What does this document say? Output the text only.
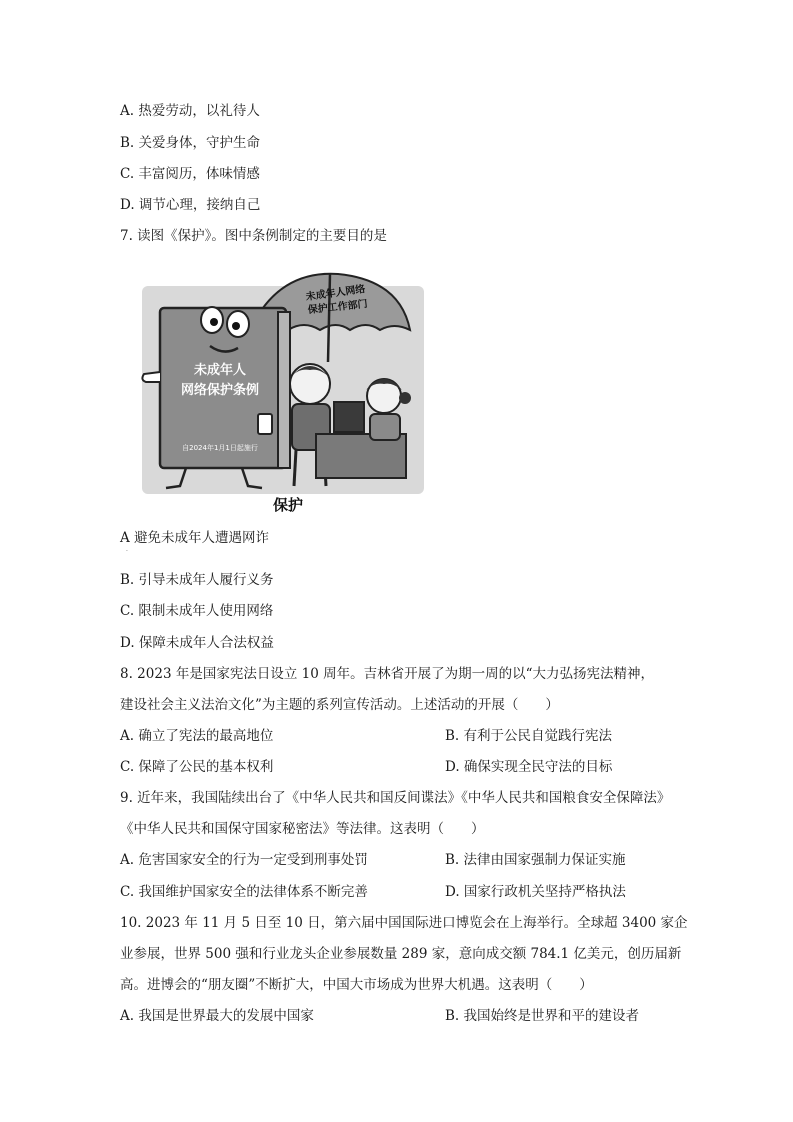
A. 热爱劳动，以礼待人
B. 关爱身体，守护生命
C. 丰富阅历，体味情感
D. 调节心理，接纳自己
7. 读图《保护》。图中条例制定的主要目的是
未成年人网络
保护工作部门
未成年人
网络保护条例
自2024年1月1日起施行
保护
A 避免未成年人遭遇网诈
·
B. 引导未成年人履行义务
C. 限制未成年人使用网络
D. 保障未成年人合法权益
8. 2023 年是国家宪法日设立 10 周年。吉林省开展了为期一周的以“大力弘扬宪法精神，
建设社会主义法治文化”为主题的系列宣传活动。上述活动的开展（　　）
A. 确立了宪法的最高地位	B. 有利于公民自觉践行宪法
C. 保障了公民的基本权利	D. 确保实现全民守法的目标
9. 近年来，我国陆续出台了《中华人民共和国反间谍法》《中华人民共和国粮食安全保障法》
《中华人民共和国保守国家秘密法》等法律。这表明（　　）
A. 危害国家安全的行为一定受到刑事处罚	B. 法律由国家强制力保证实施
C. 我国维护国家安全的法律体系不断完善	D. 国家行政机关坚持严格执法
10. 2023 年 11 月 5 日至 10 日，第六届中国国际进口博览会在上海举行。全球超 3400 家企
业参展，世界 500 强和行业龙头企业参展数量 289 家，意向成交额 784.1 亿美元，创历届新
高。进博会的“朋友圈”不断扩大，中国大市场成为世界大机遇。这表明（　　）
A. 我国是世界最大的发展中国家	B. 我国始终是世界和平的建设者
